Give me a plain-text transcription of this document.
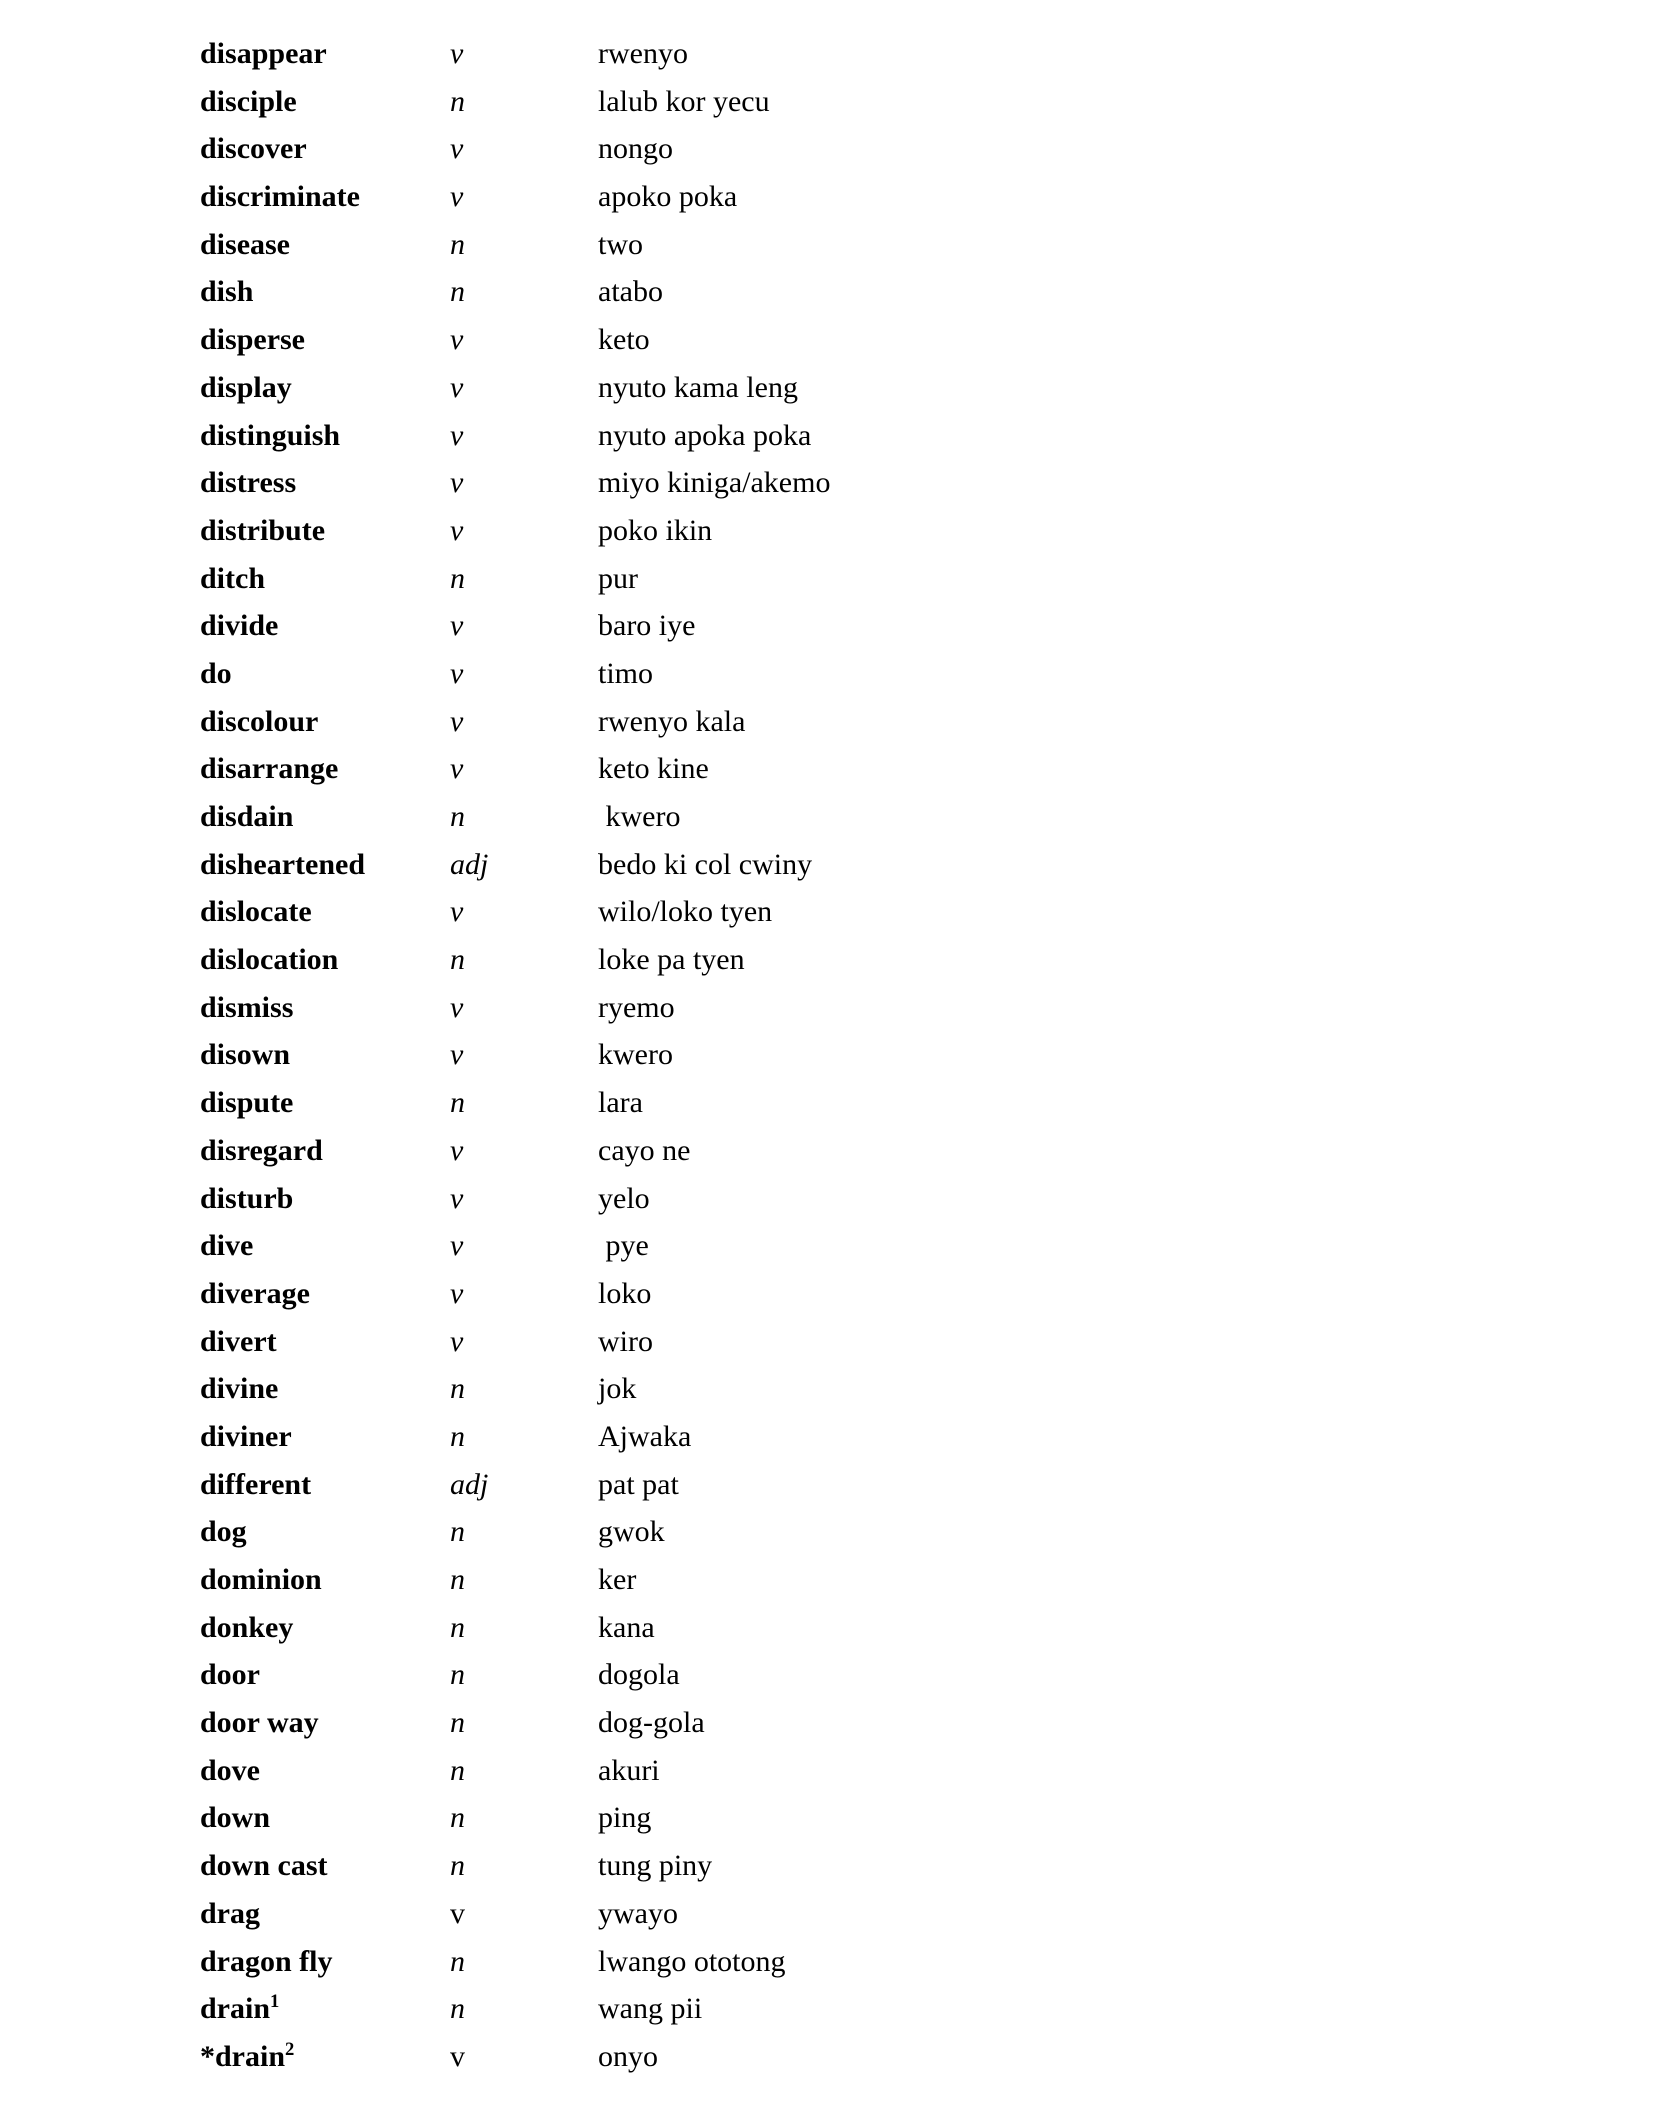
disappear	v	rwenyo
disciple	n	lalub kor yecu
discover	v	nongo
discriminate	v	apoko poka
disease	n	two
dish	n	atabo
disperse	v	keto
display	v	nyuto kama leng
distinguish	v	nyuto apoka poka
distress	v	miyo kiniga/akemo
distribute	v	poko ikin
ditch	n	pur
divide	v	baro iye
do	v	timo
discolour	v	rwenyo kala
disarrange	v	keto kine
disdain	n	kwero
disheartened	adj	bedo ki col cwiny
dislocate	v	wilo/loko tyen
dislocation	n	loke pa tyen
dismiss	v	ryemo
disown	v	kwero
dispute	n	lara
disregard	v	cayo ne
disturb	v	yelo
dive	v	pye
diverage	v	loko
divert	v	wiro
divine	n	jok
diviner	n	Ajwaka
different	adj	pat pat
dog	n	gwok
dominion	n	ker
donkey	n	kana
door	n	dogola
door way	n	dog-gola
dove	n	akuri
down	n	ping
down cast	n	tung piny
drag	v	ywayo
dragon fly	n	lwango ototong
drain$^1$	n	wang pii
*drain$^2$	v	onyo
